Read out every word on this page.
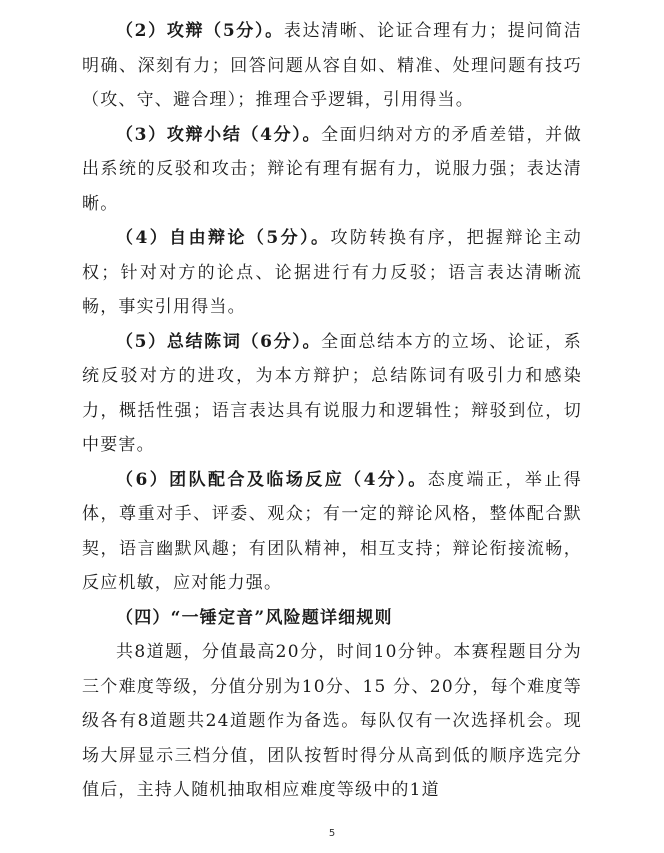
（2）攻辩（5分）。表达清晰、论证合理有力；提问简洁明确、深刻有力；回答问题从容自如、精准、处理问题有技巧（攻、守、避合理）；推理合乎逻辑，引用得当。

（3）攻辩小结（4分）。全面归纳对方的矛盾差错，并做出系统的反驳和攻击；辩论有理有据有力，说服力强；表达清晰。

（4）自由辩论（5分）。攻防转换有序，把握辩论主动权；针对对方的论点、论据进行有力反驳；语言表达清晰流畅，事实引用得当。

（5）总结陈词（6分）。全面总结本方的立场、论证，系统反驳对方的进攻，为本方辩护；总结陈词有吸引力和感染力，概括性强；语言表达具有说服力和逻辑性；辩驳到位，切中要害。

（6）团队配合及临场反应（4分）。态度端正，举止得体，尊重对手、评委、观众；有一定的辩论风格，整体配合默契，语言幽默风趣；有团队精神，相互支持；辩论衔接流畅，反应机敏，应对能力强。

（四）“一锤定音”风险题详细规则

共8道题，分值最高20分，时间10分钟。本赛程题目分为三个难度等级，分值分别为10分、15 分、20分，每个难度等级各有8道题共24道题作为备选。每队仅有一次选择机会。现场大屏显示三档分值，团队按暂时得分从高到低的顺序选完分值后，主持人随机抽取相应难度等级中的1道

5
